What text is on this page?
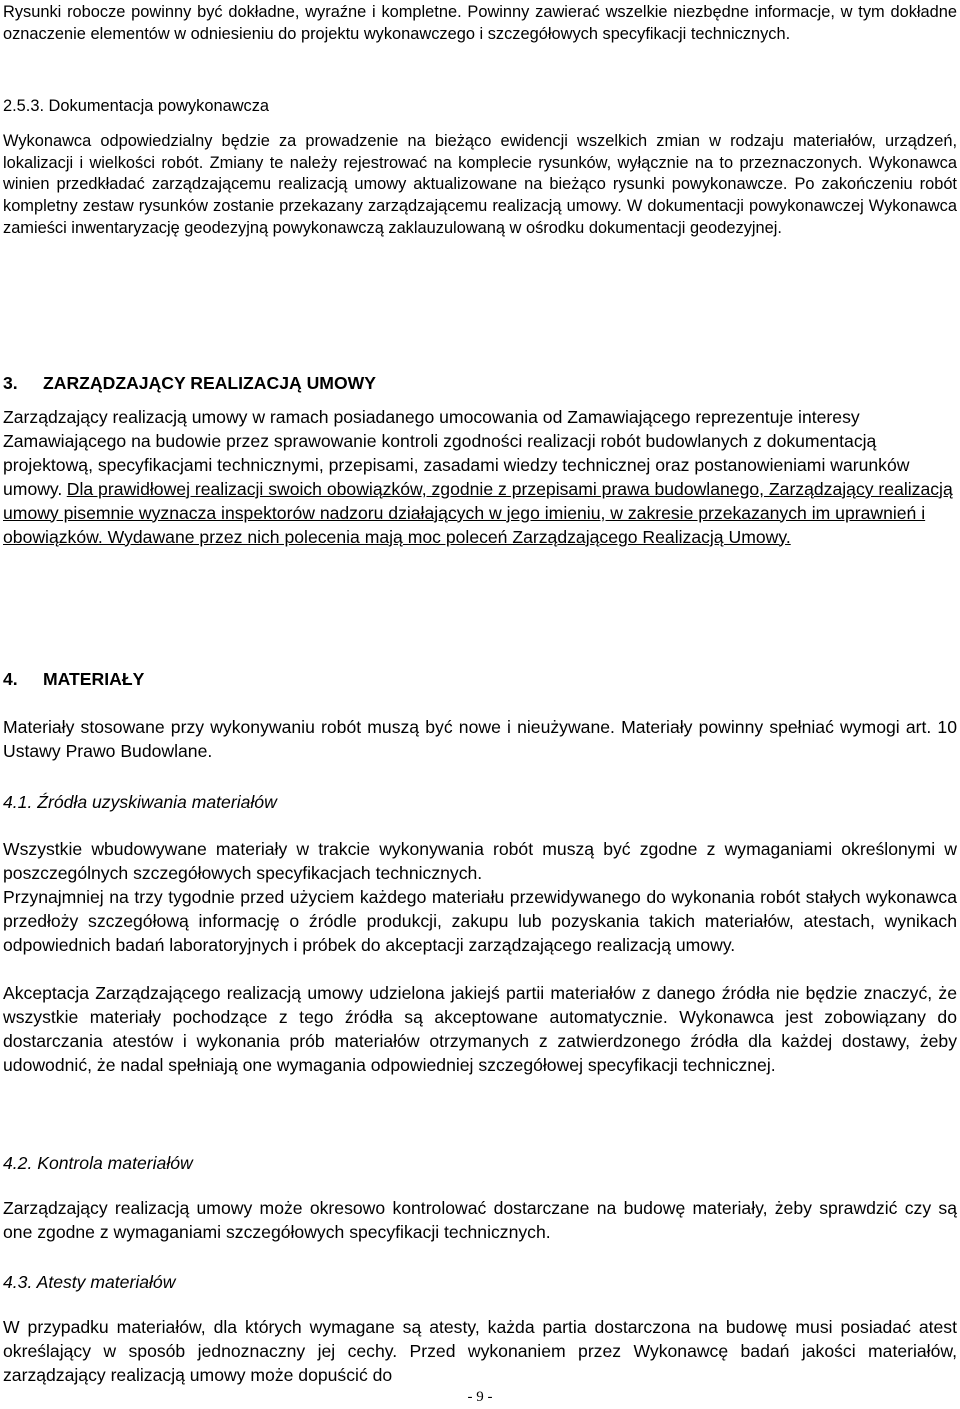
Rysunki robocze powinny być dokładne, wyraźne i kompletne. Powinny zawierać wszelkie niezbędne informacje, w tym dokładne oznaczenie elementów w odniesieniu do projektu wykonawczego i szczegółowych specyfikacji technicznych.

2.5.3. Dokumentacja powykonawcza

Wykonawca odpowiedzialny będzie za prowadzenie na bieżąco ewidencji wszelkich zmian w rodzaju materiałów, urządzeń, lokalizacji i wielkości robót. Zmiany te należy rejestrować na komplecie rysunków, wyłącznie na to przeznaczonych. Wykonawca winien przedkładać zarządzającemu realizacją umowy aktualizowane na bieżąco rysunki powykonawcze. Po zakończeniu robót kompletny zestaw rysunków zostanie przekazany zarządzającemu realizacją umowy. W dokumentacji powykonawczej Wykonawca zamieści inwentaryzację geodezyjną powykonawczą zaklauzulowaną w ośrodku dokumentacji geodezyjnej.

3. ZARZĄDZAJĄCY REALIZACJĄ UMOWY

Zarządzający realizacją umowy w ramach posiadanego umocowania od Zamawiającego reprezentuje interesy Zamawiającego na budowie przez sprawowanie kontroli zgodności realizacji robót budowlanych z dokumentacją projektową, specyfikacjami technicznymi, przepisami, zasadami wiedzy technicznej oraz postanowieniami warunków umowy. Dla prawidłowej realizacji swoich obowiązków, zgodnie z przepisami prawa budowlanego, Zarządzający realizacją umowy pisemnie wyznacza inspektorów nadzoru działających w jego imieniu, w zakresie przekazanych im uprawnień i obowiązków. Wydawane przez nich polecenia mają moc poleceń Zarządzającego Realizacją Umowy.

4. MATERIAŁY

Materiały stosowane przy wykonywaniu robót muszą być nowe i nieużywane. Materiały powinny spełniać wymogi art. 10 Ustawy Prawo Budowlane.

4.1. Źródła uzyskiwania materiałów

Wszystkie wbudowywane materiały w trakcie wykonywania robót muszą być zgodne z wymaganiami określonymi w poszczególnych szczegółowych specyfikacjach technicznych.

Przynajmniej na trzy tygodnie przed użyciem każdego materiału przewidywanego do wykonania robót stałych wykonawca przedłoży szczegółową informację o źródle produkcji, zakupu lub pozyskania takich materiałów, atestach, wynikach odpowiednich badań laboratoryjnych i próbek do akceptacji zarządzającego realizacją umowy.

Akceptacja Zarządzającego realizacją umowy udzielona jakiejś partii materiałów z danego źródła nie będzie znaczyć, że wszystkie materiały pochodzące z tego źródła są akceptowane automatycznie. Wykonawca jest zobowiązany do dostarczania atestów i wykonania prób materiałów otrzymanych z zatwierdzonego źródła dla każdej dostawy, żeby udowodnić, że nadal spełniają one wymagania odpowiedniej szczegółowej specyfikacji technicznej.

4.2. Kontrola materiałów

Zarządzający realizacją umowy może okresowo kontrolować dostarczane na budowę materiały, żeby sprawdzić czy są one zgodne z wymaganiami szczegółowych specyfikacji technicznych.

4.3. Atesty materiałów

W przypadku materiałów, dla których wymagane są atesty, każda partia dostarczona na budowę musi posiadać atest określający w sposób jednoznaczny jej cechy. Przed wykonaniem przez Wykonawcę badań jakości materiałów, zarządzający realizacją umowy może dopuścić do

- 9 -
